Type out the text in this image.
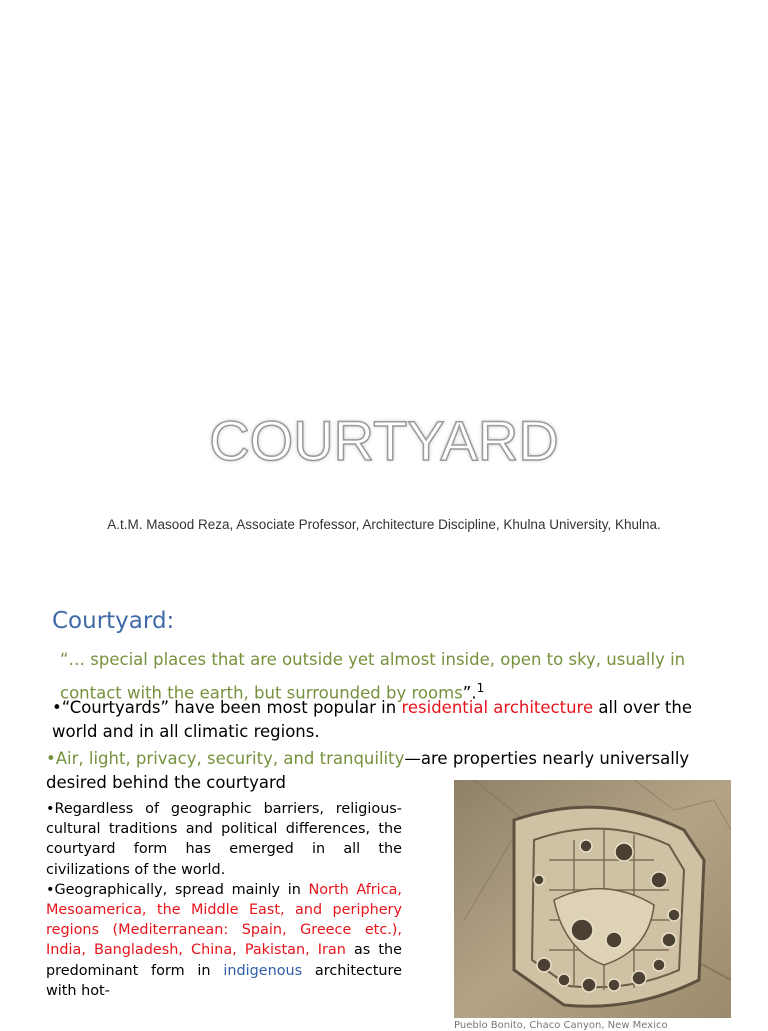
COURTYARD
A.t.M. Masood Reza, Associate Professor, Architecture Discipline, Khulna University, Khulna.
Courtyard:

“… special places that are outside yet almost inside, open to sky, usually in contact with the earth, but surrounded by rooms”.$^1$

•“Courtyards” have been most popular in residential architecture all over the world and in all climatic regions.

•Air, light, privacy, security, and tranquility—are properties nearly universally desired behind the courtyard

•Regardless of geographic barriers, religious-cultural traditions and political differences, the courtyard form has emerged in all the civilizations of the world.

•Geographically, spread mainly in North Africa, Mesoamerica, the Middle East, and periphery regions (Mediterranean: Spain, Greece etc.), India, Bangladesh, China, Pakistan, Iran as the predominant form in indigenous architecture with hot-

Pueblo Bonito, Chaco Canyon, New Mexico
